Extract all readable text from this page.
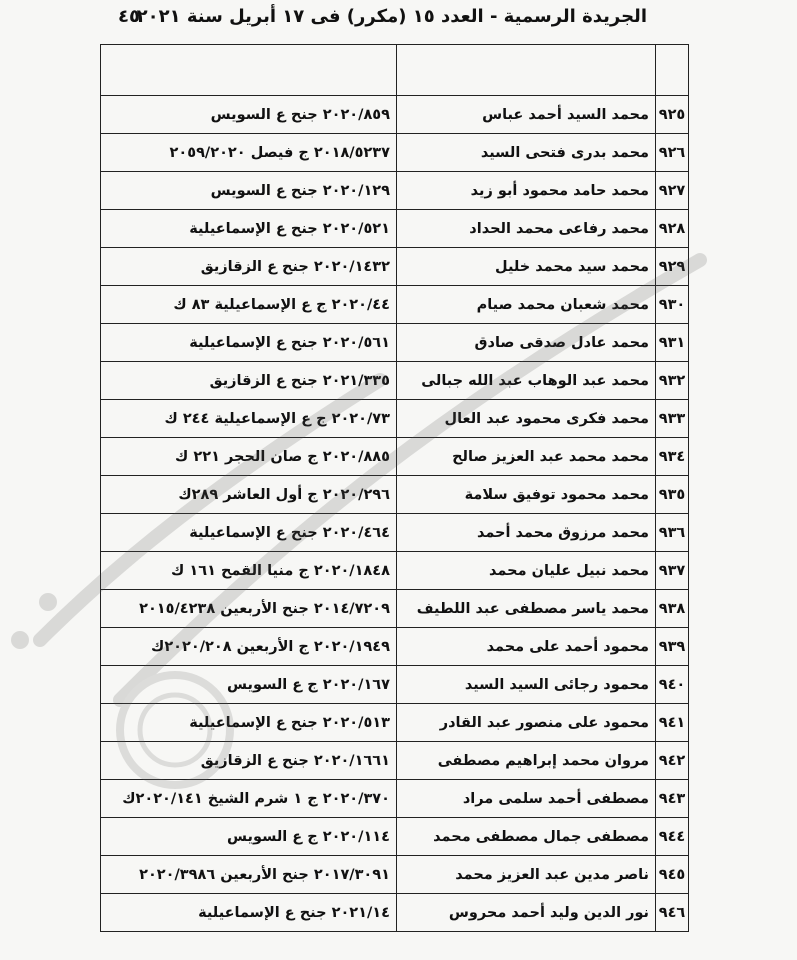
الجريدة الرسمية - العدد ١٥ (مكرر) فى ١٧ أبريل سنة ٢٠٢١
٤٥

٩٢٥	محمد السيد أحمد عباس	٢٠٢٠/٨٥٩ جنح ع السويس
٩٢٦	محمد بدرى فتحى السيد	٢٠١٨/٥٢٣٧ ج فيصل ٢٠٥٩/٢٠٢٠
٩٢٧	محمد حامد محمود أبو زيد	٢٠٢٠/١٢٩ جنح ع السويس
٩٢٨	محمد رفاعى محمد الحداد	٢٠٢٠/٥٢١ جنح ع الإسماعيلية
٩٢٩	محمد سيد محمد خليل	٢٠٢٠/١٤٣٢ جنح ع الزقازيق
٩٣٠	محمد شعبان محمد صيام	٢٠٢٠/٤٤ ج ع الإسماعيلية ٨٣ ك
٩٣١	محمد عادل صدقى صادق	٢٠٢٠/٥٦١ جنح ع الإسماعيلية
٩٣٢	محمد عبد الوهاب عبد الله جبالى	٢٠٢١/٣٣٥ جنح ع الزقازيق
٩٣٣	محمد فكرى محمود عبد العال	٢٠٢٠/٧٣ ج ع الإسماعيلية ٢٤٤ ك
٩٣٤	محمد محمد عبد العزيز صالح	٢٠٢٠/٨٨٥ ج صان الحجر ٢٢١ ك
٩٣٥	محمد محمود توفيق سلامة	٢٠٢٠/٢٩٦ ج أول العاشر ٢٨٩ك
٩٣٦	محمد مرزوق محمد أحمد	٢٠٢٠/٤٦٤ جنح ع الإسماعيلية
٩٣٧	محمد نبيل عليان محمد	٢٠٢٠/١٨٤٨ ج منيا القمح ١٦١ ك
٩٣٨	محمد ياسر مصطفى عبد اللطيف	٢٠١٤/٧٢٠٩ جنح الأربعين ٢٠١٥/٤٢٣٨
٩٣٩	محمود أحمد على محمد	٢٠٢٠/١٩٤٩ ج الأربعين ٢٠٢٠/٢٠٨ك
٩٤٠	محمود رجائى السيد السيد	٢٠٢٠/١٦٧ ج ع السويس
٩٤١	محمود على منصور عبد القادر	٢٠٢٠/٥١٣ جنح ع الإسماعيلية
٩٤٢	مروان محمد إبراهيم مصطفى	٢٠٢٠/١٦٦١ جنح ع الزقازيق
٩٤٣	مصطفى أحمد سلمى مراد	٢٠٢٠/٣٧٠ ج ١ شرم الشيخ ٢٠٢٠/١٤١ك
٩٤٤	مصطفى جمال مصطفى محمد	٢٠٢٠/١١٤ ج ع السويس
٩٤٥	ناصر مدين عبد العزيز محمد	٢٠١٧/٣٠٩١ جنح الأربعين ٢٠٢٠/٣٩٨٦
٩٤٦	نور الدين وليد أحمد محروس	٢٠٢١/١٤ جنح ع الإسماعيلية
